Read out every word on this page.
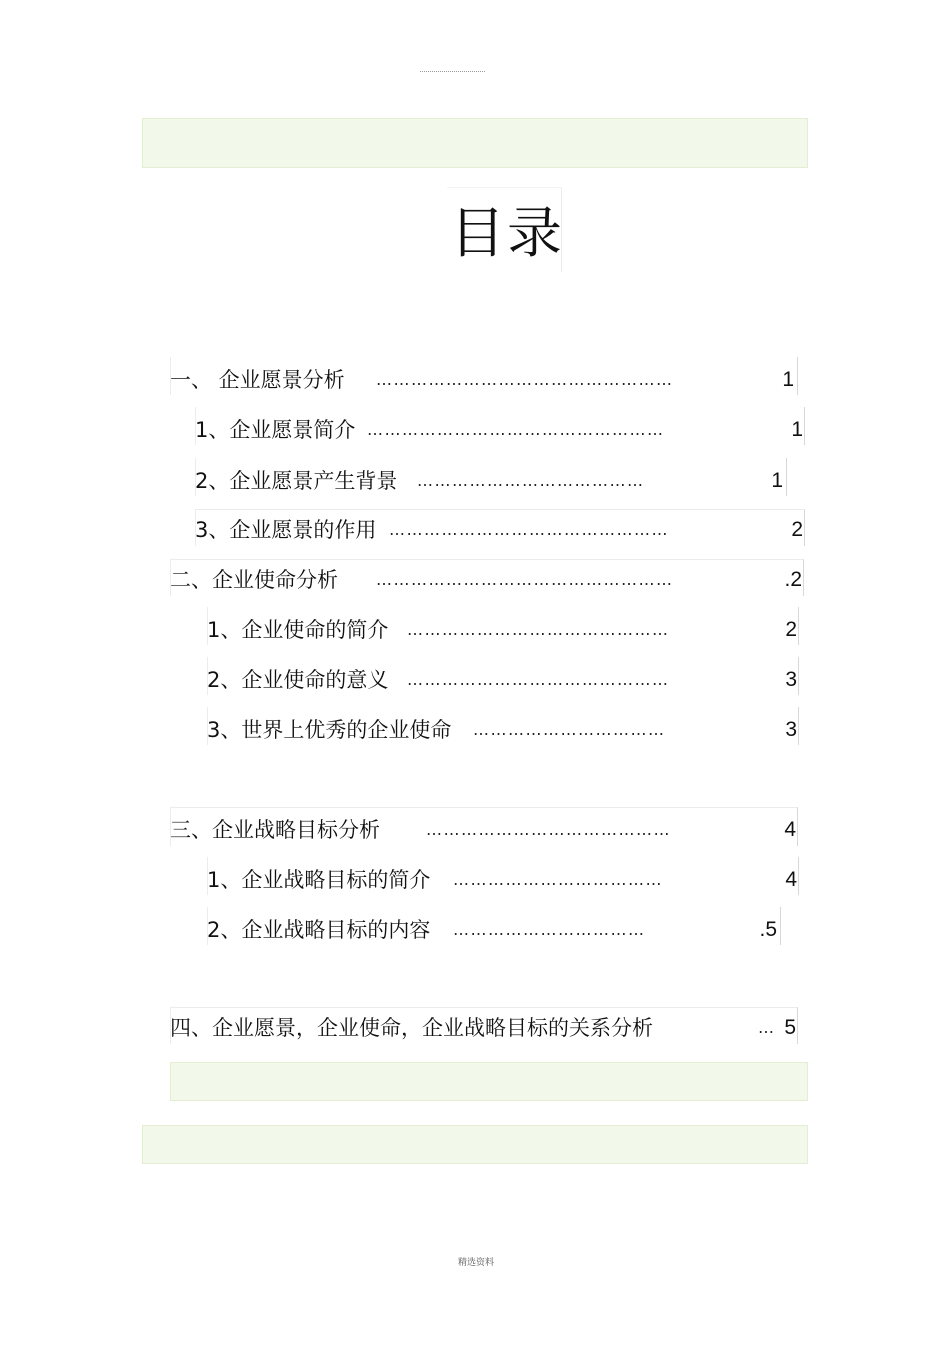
目录
一、 企业愿景分析 ……………………………………………	1
1、企业愿景简介 ……………………………………………	1
2、企业愿景产生背景 …………………………………	1
3、企业愿景的作用 …………………………………………	2
二、企业使命分析 ……………………………………………	.2
1、企业使命的简介 ………………………………………	2
2、企业使命的意义 ………………………………………	3
3、世界上优秀的企业使命 ……………………………	3
三、企业战略目标分析	……………………………………	4
1、企业战略目标的简介 ………………………………	4
2、企业战略目标的内容 ……………………………	.5
四、企业愿景，企业使命，企业战略目标的关系分析	… 5
精选资料
